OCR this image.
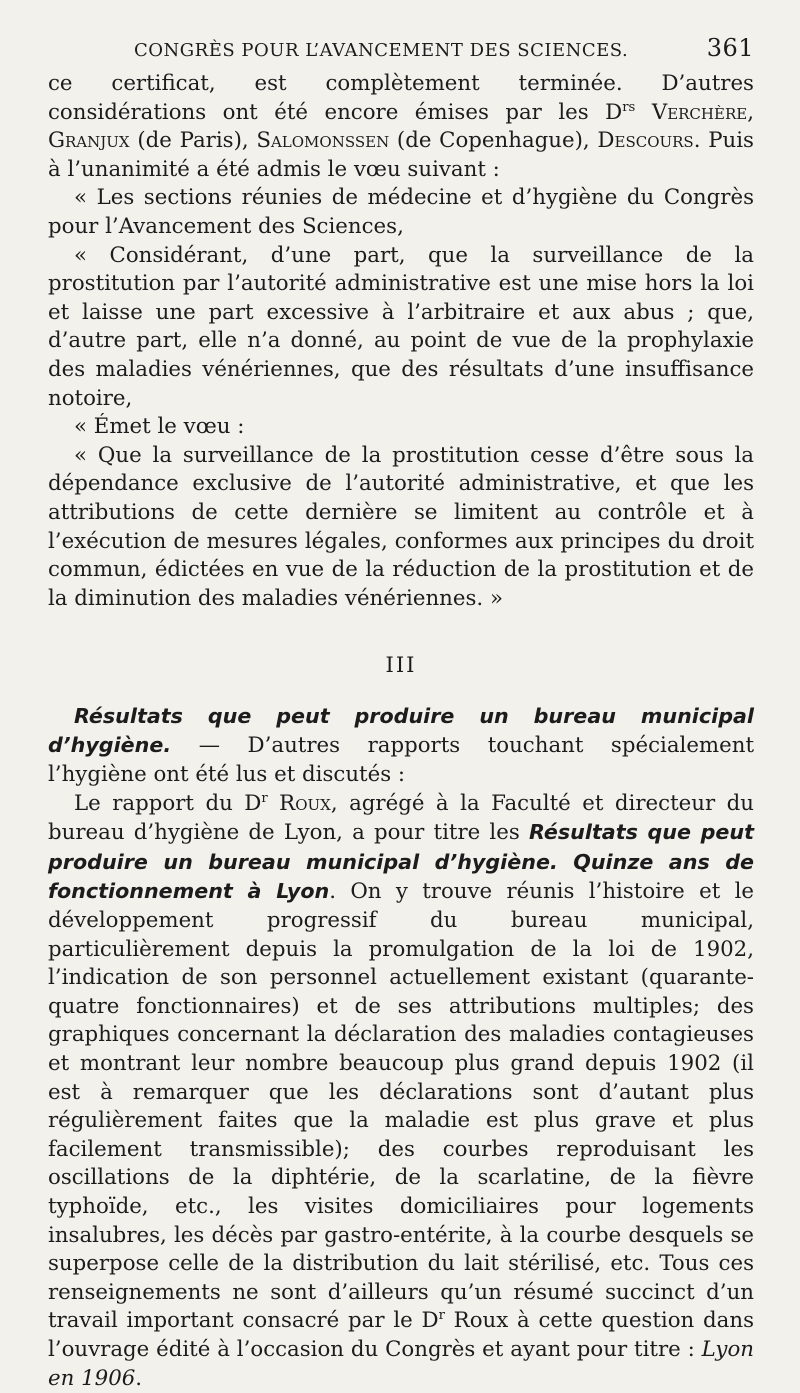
CONGRÈS POUR L’AVANCEMENT DES SCIENCES.	361

ce certificat, est complètement terminée. D’autres considérations ont été encore émises par les $D^{rs}$ Verchère, Granjux (de Paris), Salomonssen (de Copenhague), Descours. Puis à l’unanimité a été admis le vœu suivant :

« Les sections réunies de médecine et d’hygiène du Congrès pour l’Avancement des Sciences,

« Considérant, d’une part, que la surveillance de la prostitution par l’autorité administrative est une mise hors la loi et laisse une part excessive à l’arbitraire et aux abus ; que, d’autre part, elle n’a donné, au point de vue de la prophylaxie des maladies vénériennes, que des résultats d’une insuffisance notoire,

« Émet le vœu :

« Que la surveillance de la prostitution cesse d’être sous la dépendance exclusive de l’autorité administrative, et que les attributions de cette dernière se limitent au contrôle et à l’exécution de mesures légales, conformes aux principes du droit commun, édictées en vue de la réduction de la prostitution et de la diminution des maladies vénériennes. »

III

Résultats que peut produire un bureau municipal d’hygiène. — D’autres rapports touchant spécialement l’hygiène ont été lus et discutés :

Le rapport du $D^r$ Roux, agrégé à la Faculté et directeur du bureau d’hygiène de Lyon, a pour titre les Résultats que peut produire un bureau municipal d’hygiène. Quinze ans de fonctionnement à Lyon. On y trouve réunis l’histoire et le développement progressif du bureau municipal, particulièrement depuis la promulgation de la loi de 1902, l’indication de son personnel actuellement existant (quarante-quatre fonctionnaires) et de ses attributions multiples; des graphiques concernant la déclaration des maladies contagieuses et montrant leur nombre beaucoup plus grand depuis 1902 (il est à remarquer que les déclarations sont d’autant plus régulièrement faites que la maladie est plus grave et plus facilement transmissible); des courbes reproduisant les oscillations de la diphtérie, de la scarlatine, de la fièvre typhoïde, etc., les visites domiciliaires pour logements insalubres, les décès par gastro-entérite, à la courbe desquels se superpose celle de la distribution du lait stérilisé, etc. Tous ces renseignements ne sont d’ailleurs qu’un résumé succinct d’un travail important consacré par le $D^r$ Roux à cette question dans l’ouvrage édité à l’occasion du Congrès et ayant pour titre : Lyon en 1906.
